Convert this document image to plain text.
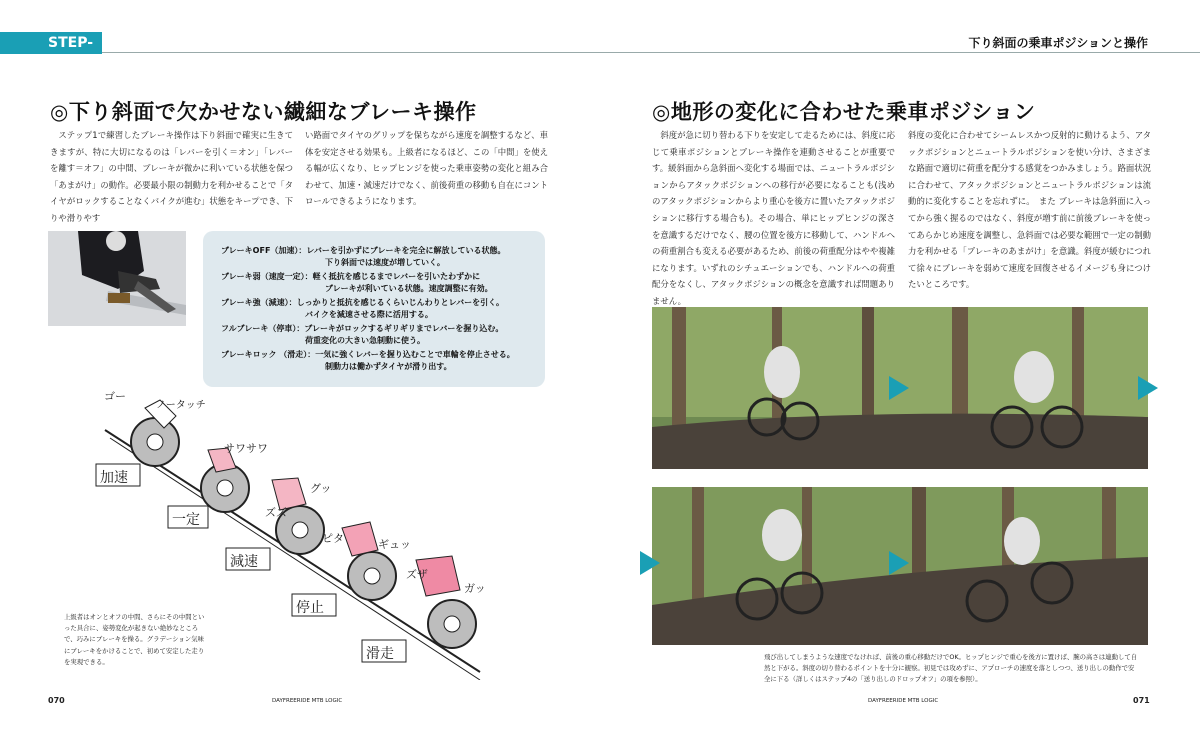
STEP-3
下り斜面の乗車ポジションと操作
◎下り斜面で欠かせない繊細なブレーキ操作
ステップ1で練習したブレーキ操作は下り斜面で確実に生きてきますが、特に大切になるのは「レバーを引く＝オン」「レバーを離す＝オフ」の中間、ブレーキが微かに利いている状態を保つ「あまがけ」の動作。必要最小限の制動力を利かせることで「タイヤがロックすることなくバイクが進む」状態をキープでき、下りや滑りやす
い路面でタイヤのグリップを保ちながら速度を調整するなど、車体を安定させる効果も。上級者になるほど、この「中間」を使える幅が広くなり、ヒップヒンジを使った乗車姿勢の変化と組み合わせて、加速・減速だけでなく、前後荷重の移動も自在にコントロールできるようになります。
ブレーキOFF（加速）：レバーを引かずにブレーキを完全に解放している状態。
下り斜面では速度が増していく。
ブレーキ弱（速度一定）：軽く抵抗を感じるまでレバーを引いたわずかに
ブレーキが利いている状態。速度調整に有効。
ブレーキ強（減速）：しっかりと抵抗を感じるくらいじんわりとレバーを引く。
バイクを減速させる際に活用する。
フルブレーキ（停車）：ブレーキがロックするギリギリまでレバーを握り込む。
荷重変化の大きい急制動に使う。
ブレーキロック （滑走）：一気に強くレバーを握り込むことで車輪を停止させる。
制動力は働かずタイヤが滑り出す。
加速
一定
減速
停止
滑走
ゴー
ノータッチ
サワサワ
グッ
ズズ
ピタ	ギュッ
ズザ
ガッ
上級者はオンとオフの中間、さらにその中間といった具合に、姿勢変化が起きない絶妙なところで、巧みにブレーキを操る。グラデーション気味にブレーキをかけることで、初めて安定した走りを実現できる。
070	DAYFREERIDE MTB LOGIC
◎地形の変化に合わせた乗車ポジション
斜度が急に切り替わる下りを安定して走るためには、斜度に応じて乗車ポジションとブレーキ操作を連動させることが重要です。緩斜面から急斜面へ変化する場面では、ニュートラルポジションからアタックポジションへの移行が必要になることも(浅めのアタックポジションからより重心を後方に置いたアタックポジションに移行する場合も)。その場合、単にヒップヒンジの深さを意識するだけでなく、腰の位置を後方に移動して、ハンドルへの荷重割合も変える必要があるため、前後の荷重配分はやや複雑になります。いずれのシチュエーションでも、ハンドルへの荷重配分をなくし、アタックポジションの概念を意識すれば問題ありません。
斜度の変化に合わせてシームレスかつ反射的に動けるよう、アタックポジションとニュートラルポジションを使い分け、さまざまな路面で適切に荷重を配分する感覚をつかみましょう。路面状況に合わせて、アタックポジションとニュートラルポジションは流動的に変化することを忘れずに。　また ブレーキは急斜面に入ってから強く握るのではなく、斜度が増す前に前後ブレーキを使ってあらかじめ速度を調整し、急斜面では必要な範囲で一定の制動力を利かせる「ブレーキのあまがけ」を意識。斜度が緩むにつれて徐々にブレーキを弱めて速度を回復させるイメージも身につけたいところです。
飛び出してしまうような速度でなければ、前後の重心移動だけでOK。ヒップヒンジで重心を後方に置けば、腕の高さは連動して自然と下がる。斜度の切り替わるポイントを十分に観察。初見では攻めずに、アプローチの速度を落としつつ、送り出しの動作で安全に下る（詳しくはステップ4の「送り出しのドロップオフ」の項を参照）。
DAYFREERIDE MTB LOGIC	071
